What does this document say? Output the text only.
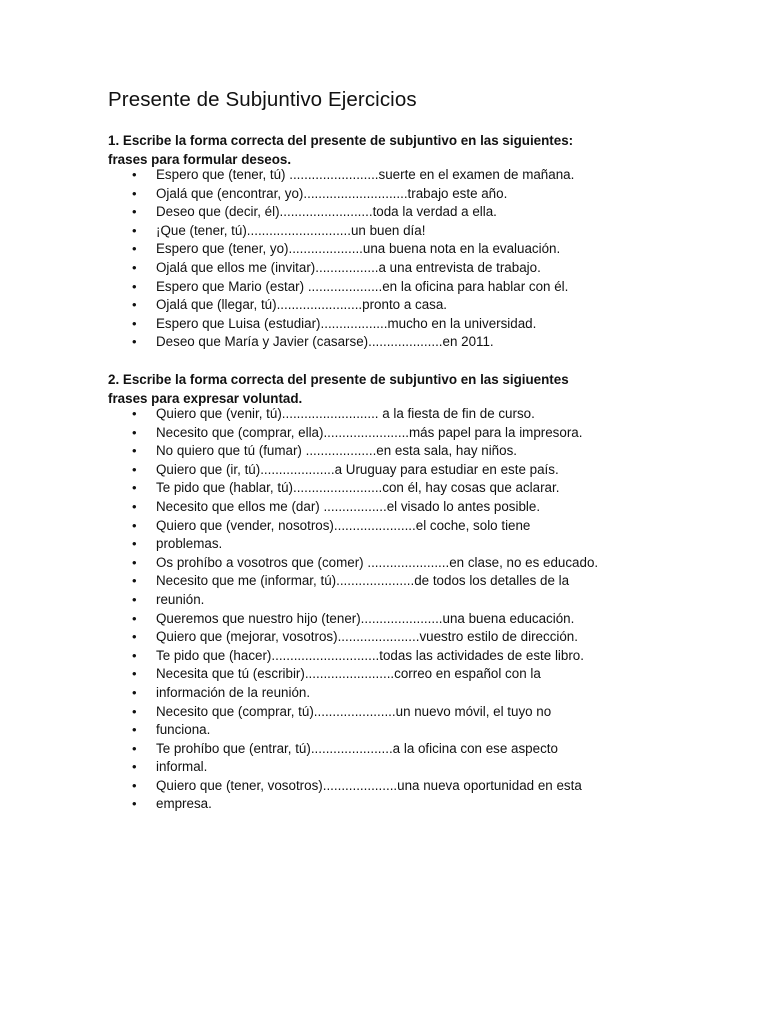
Presente de Subjuntivo Ejercicios
1. Escribe la forma correcta del presente de subjuntivo en las siguientes:
frases para formular deseos.
• Espero que (tener, tú) ........................suerte en el examen de mañana.
• Ojalá que (encontrar, yo)............................trabajo este año.
• Deseo que (decir, él).........................toda la verdad a ella.
• ¡Que (tener, tú)............................un buen día!
• Espero que (tener, yo)....................una buena nota en la evaluación.
• Ojalá que ellos me (invitar).................a una entrevista de trabajo.
• Espero que Mario (estar) ....................en la oficina para hablar con él.
• Ojalá que (llegar, tú).......................pronto a casa.
• Espero que Luisa (estudiar)..................mucho en la universidad.
• Deseo que María y Javier (casarse)....................en 2011.
2. Escribe la forma correcta del presente de subjuntivo en las sigiuentes
frases para expresar voluntad.
• Quiero que (venir, tú).......................... a la fiesta de fin de curso.
• Necesito que (comprar, ella).......................más papel para la impresora.
• No quiero que tú (fumar) ...................en esta sala, hay niños.
• Quiero que (ir, tú)....................a Uruguay para estudiar en este país.
• Te pido que (hablar, tú)........................con él, hay cosas que aclarar.
• Necesito que ellos me (dar) .................el visado lo antes posible.
• Quiero que (vender, nosotros)......................el coche, solo tiene
• problemas.
• Os prohíbo a vosotros que (comer) ......................en clase, no es educado.
• Necesito que me (informar, tú).....................de todos los detalles de la
• reunión.
• Queremos que nuestro hijo (tener)......................una buena educación.
• Quiero que (mejorar, vosotros)......................vuestro estilo de dirección.
• Te pido que (hacer).............................todas las actividades de este libro.
• Necesita que tú (escribir)........................correo en español con la
• información de la reunión.
• Necesito que (comprar, tú)......................un nuevo móvil, el tuyo no
• funciona.
• Te prohíbo que (entrar, tú)......................a la oficina con ese aspecto
• informal.
• Quiero que (tener, vosotros)....................una nueva oportunidad en esta
• empresa.
